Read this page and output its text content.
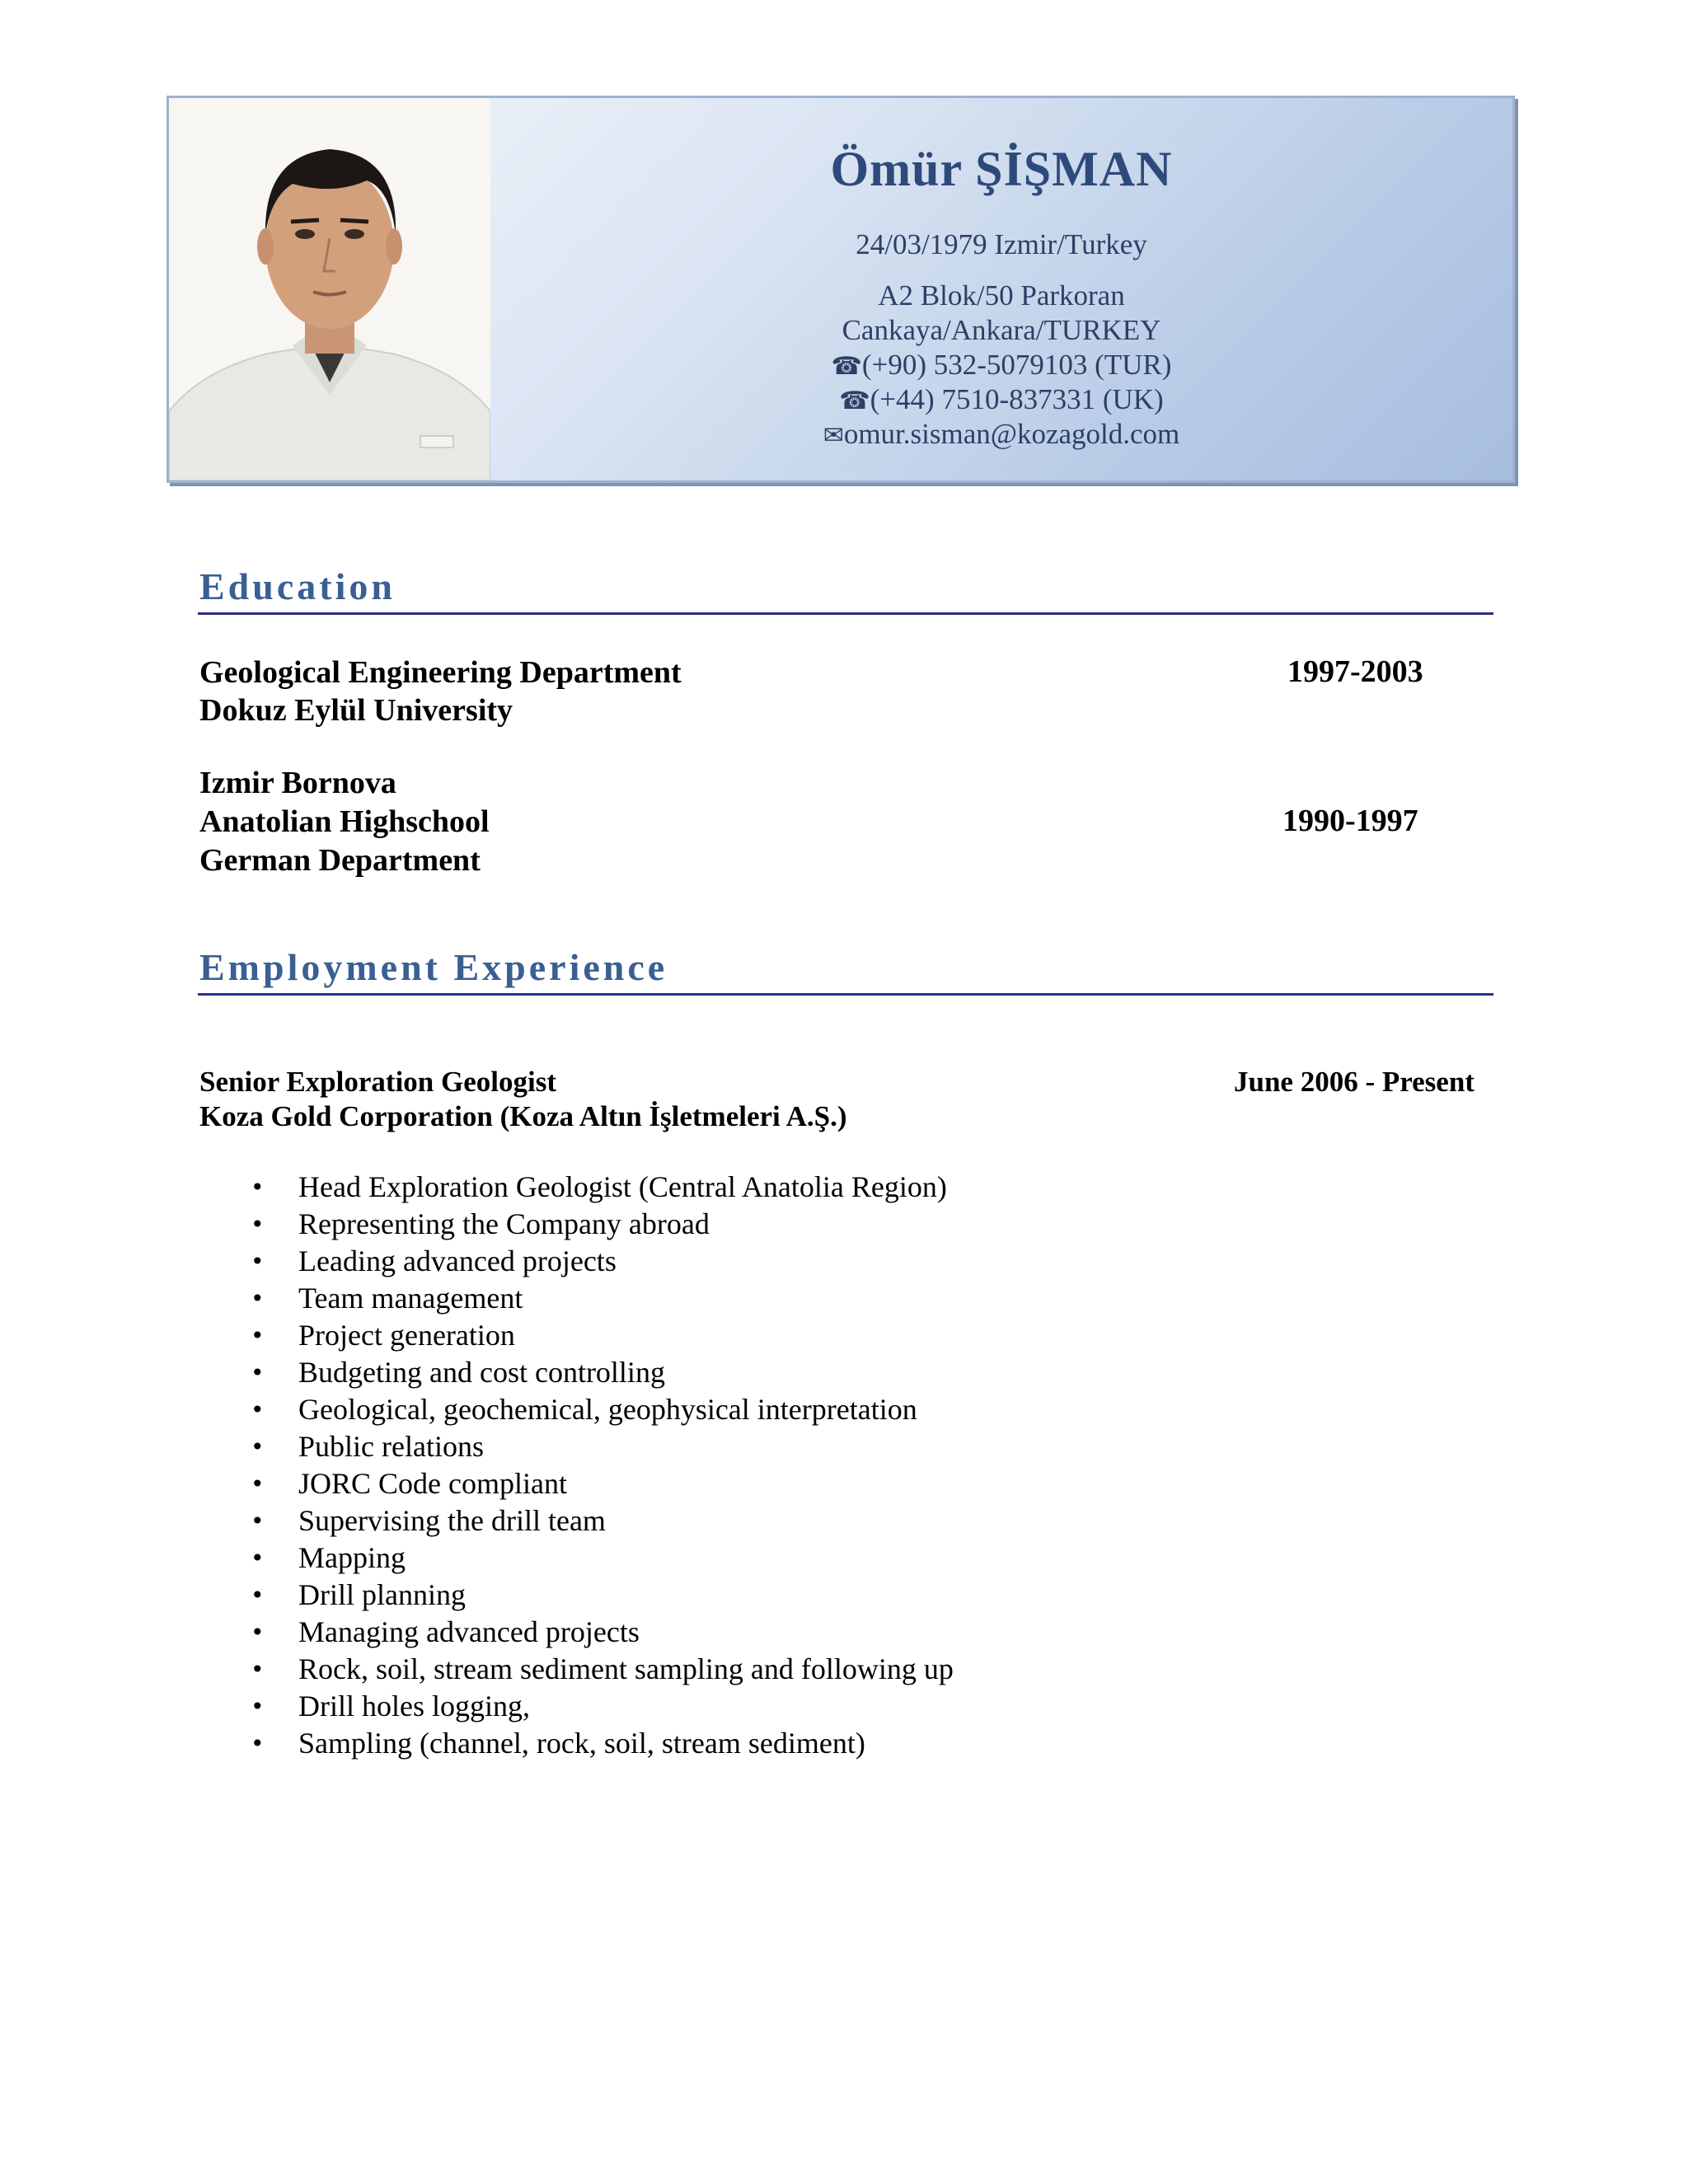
Ömür ŞİŞMAN
24/03/1979 Izmir/Turkey
A2 Blok/50 Parkoran
Cankaya/Ankara/TURKEY
☎(+90) 532-5079103 (TUR)
☎(+44) 7510-837331 (UK)
✉omur.sisman@kozagold.com
Education
Geological Engineering Department
Dokuz Eylül University
1997-2003
Izmir Bornova
Anatolian Highschool
German Department
1990-1997
Employment Experience
Senior Exploration Geologist
Koza Gold Corporation (Koza Altın İşletmeleri A.Ş.)
June 2006 - Present
• Head Exploration Geologist (Central Anatolia Region)
• Representing the Company abroad
• Leading advanced projects
• Team management
• Project generation
• Budgeting and cost controlling
• Geological, geochemical, geophysical interpretation
• Public relations
• JORC Code compliant
• Supervising the drill team
• Mapping
• Drill planning
• Managing advanced projects
• Rock, soil, stream sediment sampling and following up
• Drill holes logging,
• Sampling (channel, rock, soil, stream sediment)
